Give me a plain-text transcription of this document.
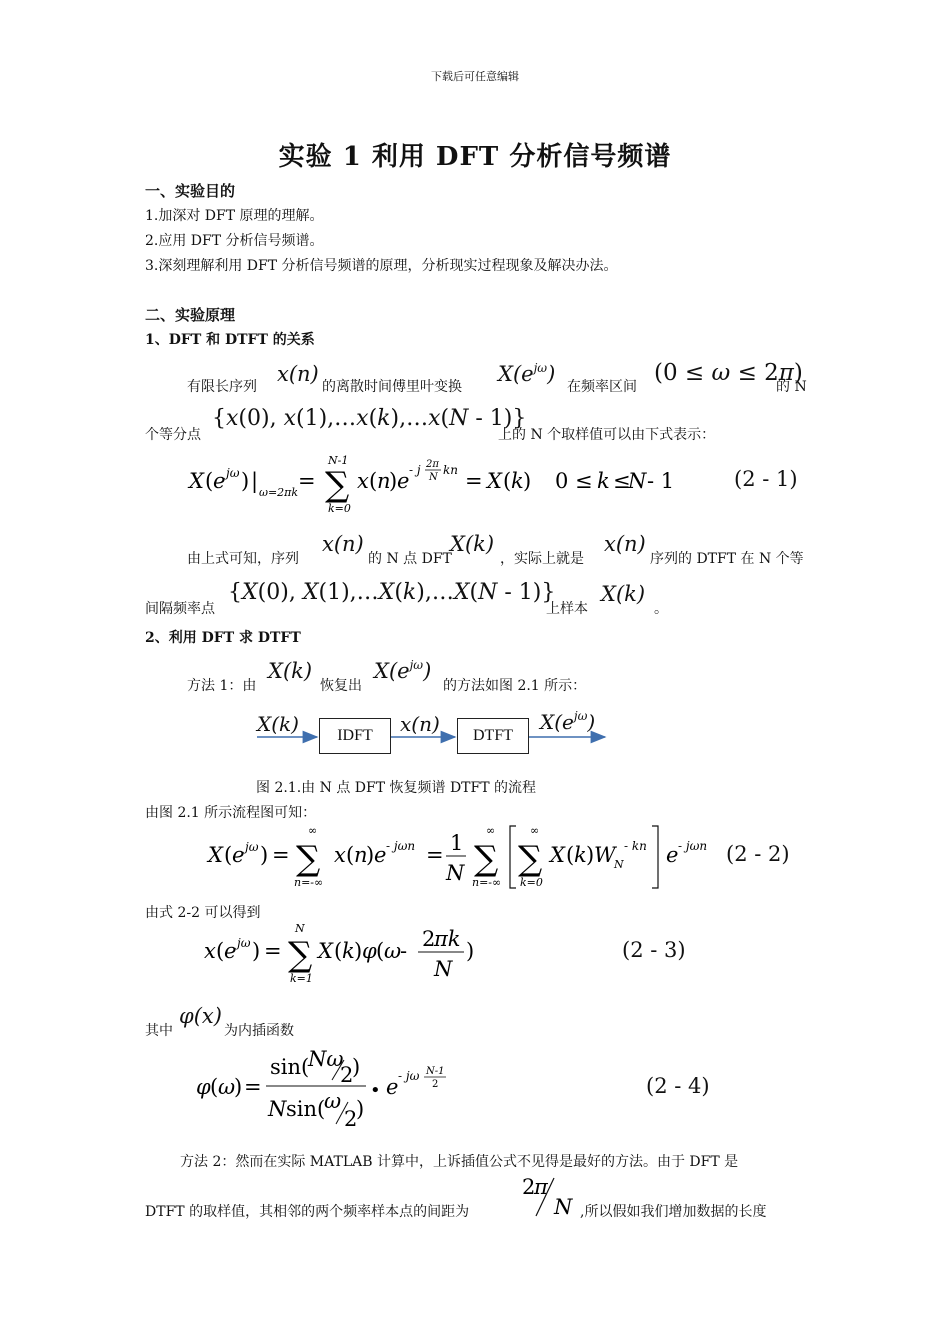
下载后可任意编辑
实验 1 利用 DFT 分析信号频谱
一、实验目的
1.加深对 DFT 原理的理解。
2.应用 DFT 分析信号频谱。
3.深刻理解利用 DFT 分析信号频谱的原理，分析现实过程现象及解决办法。
二、实验原理
1、DFT 和 DTFT 的关系
有限长序列
x(n)
的离散时间傅里叶变换
$X(e^{j\omega})$
在频率区间
(0 ≤ ω ≤ 2π)
的 N
个等分点
{x(0), x(1),…x(k),…x(N - 1)}
上的 N 个取样值可以由下式表示：
X ( e jω ) | ω=2πk =
N-1
∑
k=0
x ( n
) e - j 2π
N
kn = X ( k ) 0 ≤ k ≤
N - 1	(2 - 1)
由上式可知，序列
x(n)
的 N 点 DFT
X(k)
，实际上就是
x(n)
序列的 DTFT 在 N 个等
间隔频率点
{X(0), X(1),…X(k),…X(N - 1)}
上样本
X(k)
。
2、利用 DFT 求 DTFT
方法 1：由
X(k)
恢复出
$X(e^{j\omega})$
的方法如图 2.1 所示：
X(k)	IDFT	x(n)	DTFT
$X(e^{j\omega})$
图 2.1.由 N 点 DFT 恢复频谱 DTFT 的流程
由图 2.1 所示流程图可知：
X ( e jω ) =
∞
∑
n=-∞
x ( n
) e - jωn = 1
N
∞
∑
n=-∞
∞
∑
k=0
X ( k ) W
N
- kn e - jωn (2 - 2)
由式 2-2 可以得到
x ( e jω ) =
N
∑
k=1
X ( k ) φ ( ω
- 2
πk
N
)	(2 - 3)
其中
φ(x)
为内插函数
φ ( ω
) =
sin(
Nω
2
)
N sin(
ω
2
)
• e - jω N-1
2	(2 - 4)
方法 2：然而在实际 MATLAB 计算中，上诉插值公式不见得是最好的方法。由于 DFT 是
DTFT 的取样值，其相邻的两个频率样本点的间距为
2
π
N ,所以假如我们增加数据的长度
